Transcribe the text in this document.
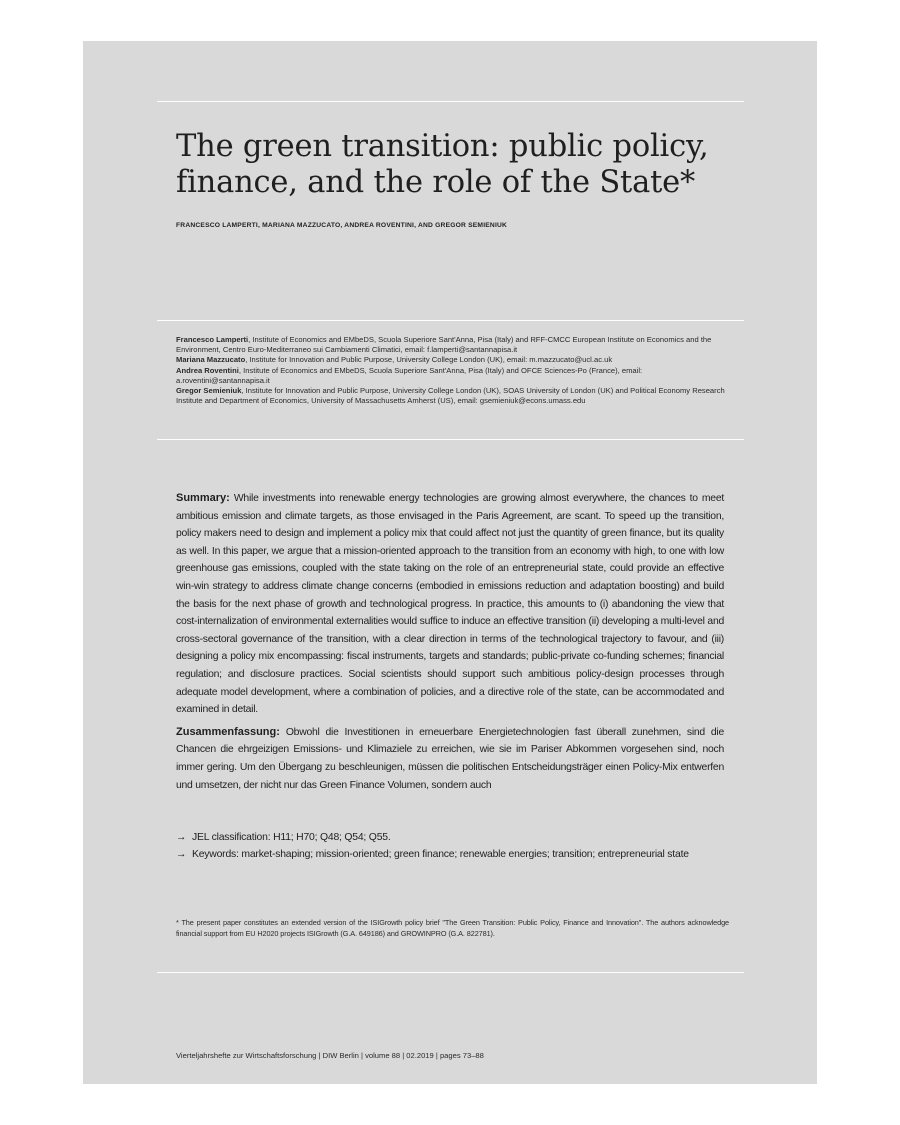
The green transition: public policy,
finance, and the role of the State*

FRANCESCO LAMPERTI, MARIANA MAZZUCATO, ANDREA ROVENTINI, AND GREGOR SEMIENIUK

Francesco Lamperti, Institute of Economics and EMbeDS, Scuola Superiore Sant'Anna, Pisa (Italy) and RFF-CMCC European Institute on Economics and the Environment, Centro Euro-Mediterraneo sui Cambiamenti Climatici, email: f.lamperti@santannapisa.it

Mariana Mazzucato, Institute for Innovation and Public Purpose, University College London (UK), email: m.mazzucato@ucl.ac.uk

Andrea Roventini, Institute of Economics and EMbeDS, Scuola Superiore Sant'Anna, Pisa (Italy) and OFCE Sciences-Po (France), email: a.roventini@santannapisa.it

Gregor Semieniuk, Institute for Innovation and Public Purpose, University College London (UK), SOAS University of London (UK) and Political Economy Research Institute and Department of Economics, University of Massachusetts Amherst (US), email: gsemieniuk@econs.umass.edu

Summary: While investments into renewable energy technologies are growing almost everywhere, the chances to meet ambitious emission and climate targets, as those envisaged in the Paris Agreement, are scant. To speed up the transition, policy makers need to design and implement a policy mix that could affect not just the quantity of green finance, but its quality as well. In this paper, we argue that a mission-oriented approach to the transition from an economy with high, to one with low greenhouse gas emissions, coupled with the state taking on the role of an entrepreneurial state, could provide an effective win-win strategy to address climate change concerns (embodied in emissions reduction and adaptation boosting) and build the basis for the next phase of growth and technological progress. In practice, this amounts to (i) abandoning the view that cost-internalization of environmental externalities would suffice to induce an effective transition (ii) developing a multi-level and cross-sectoral governance of the transition, with a clear direction in terms of the technological trajectory to favour, and (iii) designing a policy mix encompassing: fiscal instruments, targets and standards; public-private co-funding schemes; financial regulation; and disclosure practices. Social scientists should support such ambitious policy-design processes through adequate model development, where a combination of policies, and a directive role of the state, can be accommodated and examined in detail.

Zusammenfassung: Obwohl die Investitionen in erneuerbare Energietechnologien fast überall zunehmen, sind die Chancen die ehrgeizigen Emissions- und Klimaziele zu erreichen, wie sie im Pariser Abkommen vorgesehen sind, noch immer gering. Um den Übergang zu beschleunigen, müssen die politischen Entscheidungsträger einen Policy-Mix entwerfen und umsetzen, der nicht nur das Green Finance Volumen, sondern auch

→ JEL classification: H11; H70; Q48; Q54; Q55.
→ Keywords: market-shaping; mission-oriented; green finance; renewable energies; transition; entrepreneurial state
* The present paper constitutes an extended version of the ISIGrowth policy brief "The Green Transition: Public Policy, Finance and Innovation". The authors acknowledge financial support from EU H2020 projects ISIGrowth (G.A. 649186) and GROWINPRO (G.A. 822781).
Vierteljahrshefte zur Wirtschaftsforschung | DIW Berlin | volume 88 | 02.2019 | pages 73–88
